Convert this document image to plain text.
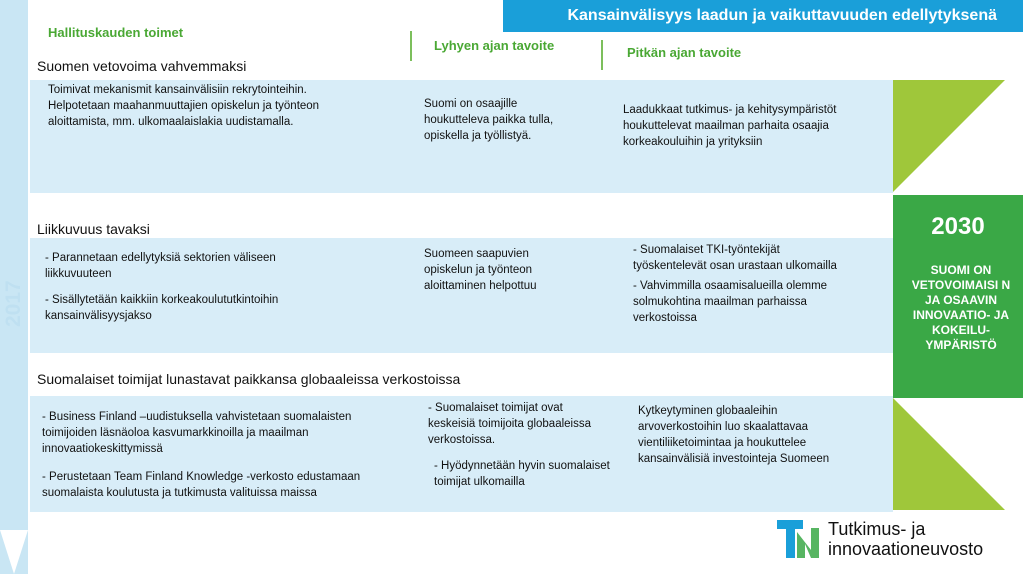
2017
Kansainvälisyys laadun ja vaikuttavuuden edellytyksenä
Hallituskauden toimet
Lyhyen ajan tavoite	Pitkän ajan tavoite
Suomen vetovoima vahvemmaksi

Toimivat mekanismit kansainvälisiin rekrytointeihin. Helpotetaan maahanmuuttajien opiskelun ja työnteon aloittamista, mm. ulkomaalaislakia uudistamalla.

Suomi on osaajille houkutteleva paikka tulla, opiskella ja työllistyä.

Laadukkaat tutkimus- ja kehitysympäristöt houkuttelevat maailman parhaita osaajia korkeakouluihin ja yrityksiin

Liikkuvuus tavaksi

- Parannetaan edellytyksiä sektorien väliseen liikkuvuuteen

- Sisällytetään kaikkiin korkeakoulututkintoihin kansainvälisyysjakso

Suomeen saapuvien opiskelun ja työnteon aloittaminen helpottuu

- Suomalaiset TKI-työntekijät työskentelevät osan urastaan ulkomailla

- Vahvimmilla osaamisalueilla olemme solmukohtina maailman parhaissa verkostoissa

Suomalaiset toimijat lunastavat paikkansa globaaleissa verkostoissa

- Business Finland –uudistuksella vahvistetaan suomalaisten toimijoiden läsnäoloa kasvumarkkinoilla ja maailman innovaatiokeskittymissä

- Perustetaan Team Finland Knowledge -verkosto edustamaan suomalaista koulutusta ja tutkimusta valituissa maissa

- Suomalaiset toimijat ovat keskeisiä toimijoita globaaleissa verkostoissa.

- Hyödynnetään hyvin suomalaiset toimijat ulkomailla

Kytkeytyminen globaaleihin arvoverkostoihin luo skaalattavaa vientiliiketoimintaa ja houkuttelee kansainvälisiä investointeja Suomeen

2030
SUOMI ON VETOVOIMAISI N JA OSAAVIN INNOVAATIO- JA KOKEILU-YMPÄRISTÖ
Tutkimus- ja
innovaationeuvosto
